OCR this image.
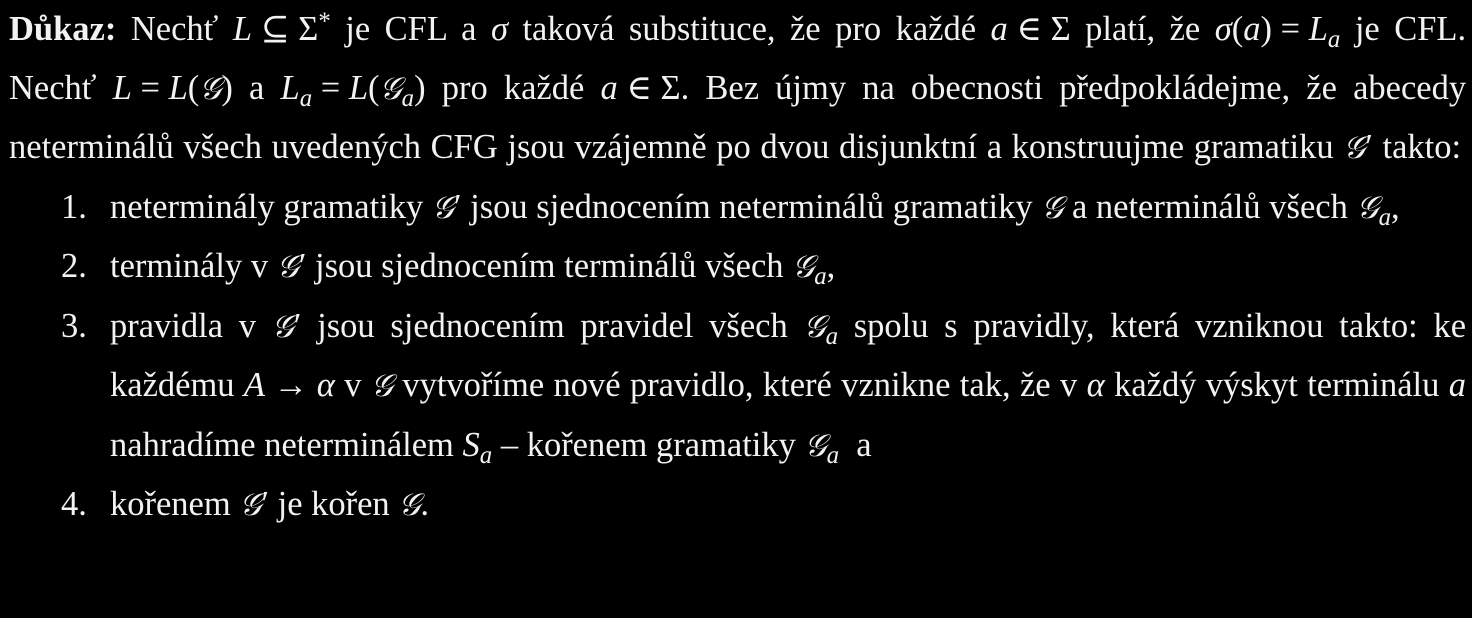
Důkaz: Nechť L ⊆ Σ* je CFL a σ taková substituce, že pro každé a ∈ Σ platí, že $\sigma(a) = L_a$ je CFL. Nechť L = L(𝒢) a $L_a$ = L(𝒢$_a$) pro každé a ∈ Σ. Bez újmy na obecnosti předpokládejme, že abecedy neterminálů všech uvedených CFG jsou vzájemně po dvou disjunktní a konstruujme gramatiku 𝒢′ takto:

1. neterminály gramatiky 𝒢′ jsou sjednocením neterminálů gramatiky 𝒢 a neterminálů všech 𝒢$_a$,
2. terminály v 𝒢′ jsou sjednocením terminálů všech 𝒢$_a$,
3. pravidla v 𝒢′ jsou sjednocením pravidel všech 𝒢$_a$ spolu s pravidly, která vzniknou takto: ke každému A → α v 𝒢 vytvoříme nové pravidlo, které vznikne tak, že v α každý výskyt terminálu a nahradíme neterminálem $S_a$ – kořenem gramatiky 𝒢$_a$ a
4. kořenem 𝒢′ je kořen 𝒢.
